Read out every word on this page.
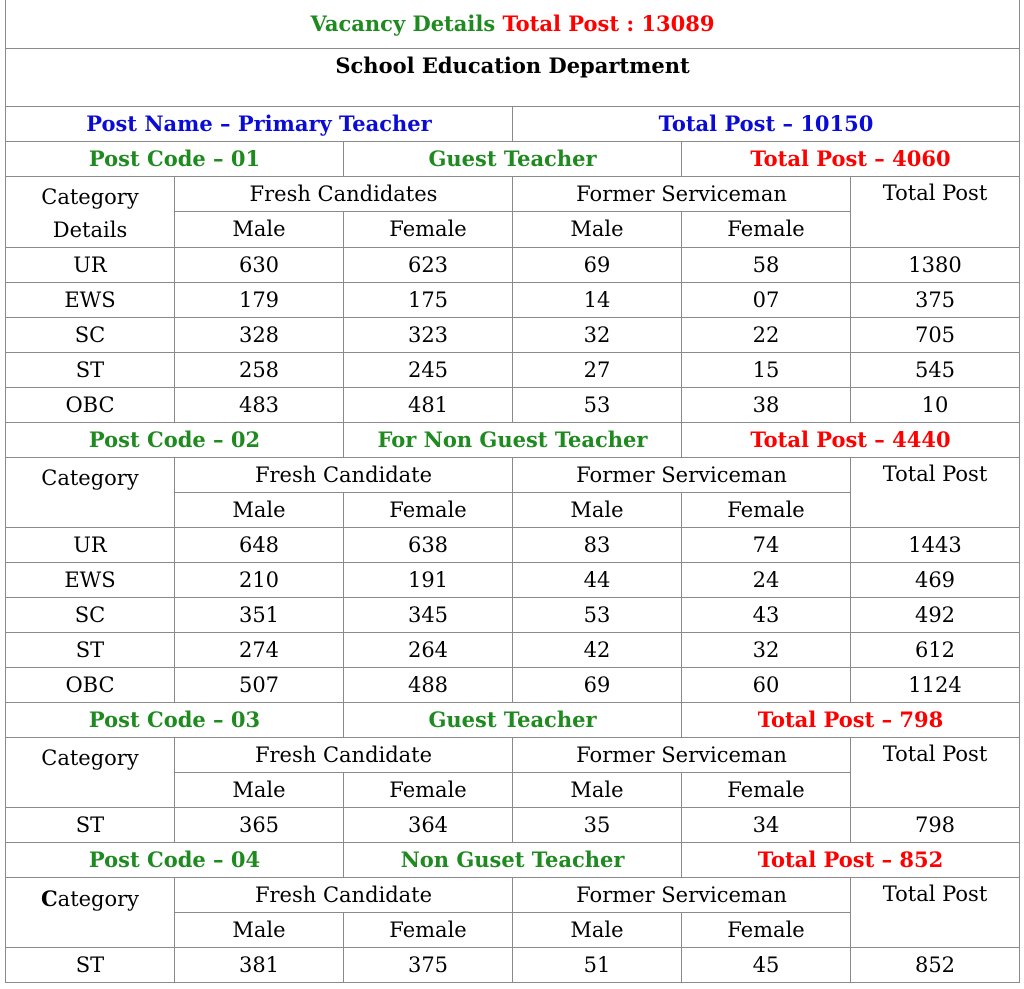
Vacancy Details Total Post : 13089					
School Education Department					
Post Name – Primary Teacher			Total Post – 10150		
Post Code – 01		Guest Teacher		Total Post – 4060	
Category
Details	Fresh Candidates		Former Serviceman		Total Post
	Male	Female	Male	Female	
UR	630	623	69	58	1380
EWS	179	175	14	07	375
SC	328	323	32	22	705
ST	258	245	27	15	545
OBC	483	481	53	38	10
Post Code – 02		For Non Guest Teacher		Total Post – 4440	
Category	Fresh Candidate		Former Serviceman		Total Post
	Male	Female	Male	Female	
UR	648	638	83	74	1443
EWS	210	191	44	24	469
SC	351	345	53	43	492
ST	274	264	42	32	612
OBC	507	488	69	60	1124
Post Code – 03		Guest Teacher		Total Post – 798	
Category	Fresh Candidate		Former Serviceman		Total Post
	Male	Female	Male	Female	
ST	365	364	35	34	798
Post Code – 04		Non Guset Teacher		Total Post – 852	
Category	Fresh Candidate		Former Serviceman		Total Post
	Male	Female	Male	Female	
ST	381	375	51	45	852
